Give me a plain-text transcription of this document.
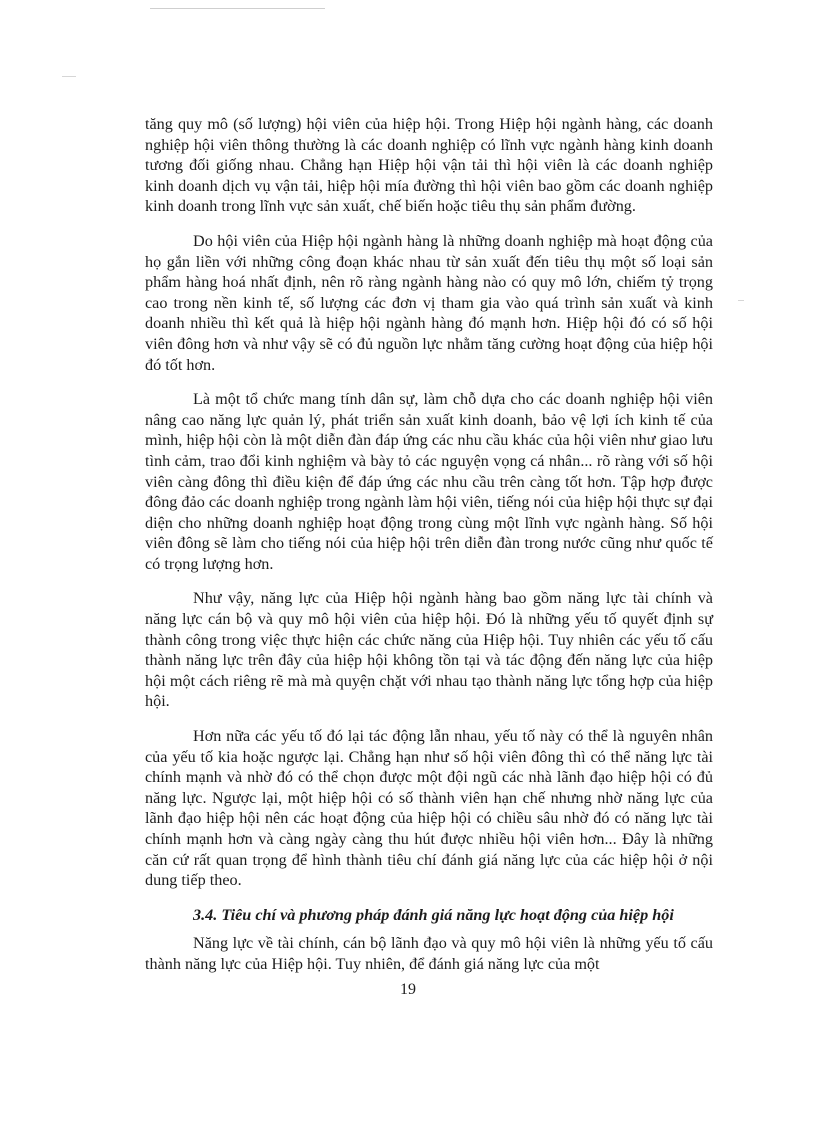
tăng quy mô (số lượng) hội viên của hiệp hội. Trong Hiệp hội ngành hàng, các doanh nghiệp hội viên thông thường là các doanh nghiệp có lĩnh vực ngành hàng kinh doanh tương đối giống nhau. Chẳng hạn Hiệp hội vận tải thì hội viên là các doanh nghiệp kinh doanh dịch vụ vận tải, hiệp hội mía đường thì hội viên bao gồm các doanh nghiệp kinh doanh trong lĩnh vực sản xuất, chế biến hoặc tiêu thụ sản phẩm đường.

Do hội viên của Hiệp hội ngành hàng là những doanh nghiệp mà hoạt động của họ gắn liền với những công đoạn khác nhau từ sản xuất đến tiêu thụ một số loại sản phẩm hàng hoá nhất định, nên rõ ràng ngành hàng nào có quy mô lớn, chiếm tỷ trọng cao trong nền kinh tế, số lượng các đơn vị tham gia vào quá trình sản xuất và kinh doanh nhiều thì kết quả là hiệp hội ngành hàng đó mạnh hơn. Hiệp hội đó có số hội viên đông hơn và như vậy sẽ có đủ nguồn lực nhằm tăng cường hoạt động của hiệp hội đó tốt hơn.

Là một tổ chức mang tính dân sự, làm chỗ dựa cho các doanh nghiệp hội viên nâng cao năng lực quản lý, phát triển sản xuất kinh doanh, bảo vệ lợi ích kinh tế của mình, hiệp hội còn là một diễn đàn đáp ứng các nhu cầu khác của hội viên như giao lưu tình cảm, trao đổi kinh nghiệm và bày tỏ các nguyện vọng cá nhân... rõ ràng với số hội viên càng đông thì điều kiện để đáp ứng các nhu cầu trên càng tốt hơn. Tập hợp được đông đảo các doanh nghiệp trong ngành làm hội viên, tiếng nói của hiệp hội thực sự đại diện cho những doanh nghiệp hoạt động trong cùng một lĩnh vực ngành hàng. Số hội viên đông sẽ làm cho tiếng nói của hiệp hội trên diễn đàn trong nước cũng như quốc tế có trọng lượng hơn.

Như vậy, năng lực của Hiệp hội ngành hàng bao gồm năng lực tài chính và năng lực cán bộ và quy mô hội viên của hiệp hội. Đó là những yếu tố quyết định sự thành công trong việc thực hiện các chức năng của Hiệp hội. Tuy nhiên các yếu tố cấu thành năng lực trên đây của hiệp hội không tồn tại và tác động đến năng lực của hiệp hội một cách riêng rẽ mà mà quyện chặt với nhau tạo thành năng lực tổng hợp của hiệp hội.

Hơn nữa các yếu tố đó lại tác động lẫn nhau, yếu tố này có thể là nguyên nhân của yếu tố kia hoặc ngược lại. Chẳng hạn như số hội viên đông thì có thể năng lực tài chính mạnh và nhờ đó có thể chọn được một đội ngũ các nhà lãnh đạo hiệp hội có đủ năng lực. Ngược lại, một hiệp hội có số thành viên hạn chế nhưng nhờ năng lực của lãnh đạo hiệp hội nên các hoạt động của hiệp hội có chiều sâu nhờ đó có năng lực tài chính mạnh hơn và càng ngày càng thu hút được nhiều hội viên hơn... Đây là những căn cứ rất quan trọng để hình thành tiêu chí đánh giá năng lực của các hiệp hội ở nội dung tiếp theo.

3.4. Tiêu chí và phương pháp đánh giá năng lực hoạt động của hiệp hội

Năng lực về tài chính, cán bộ lãnh đạo và quy mô hội viên là những yếu tố cấu thành năng lực của Hiệp hội. Tuy nhiên, để đánh giá năng lực của một

19
